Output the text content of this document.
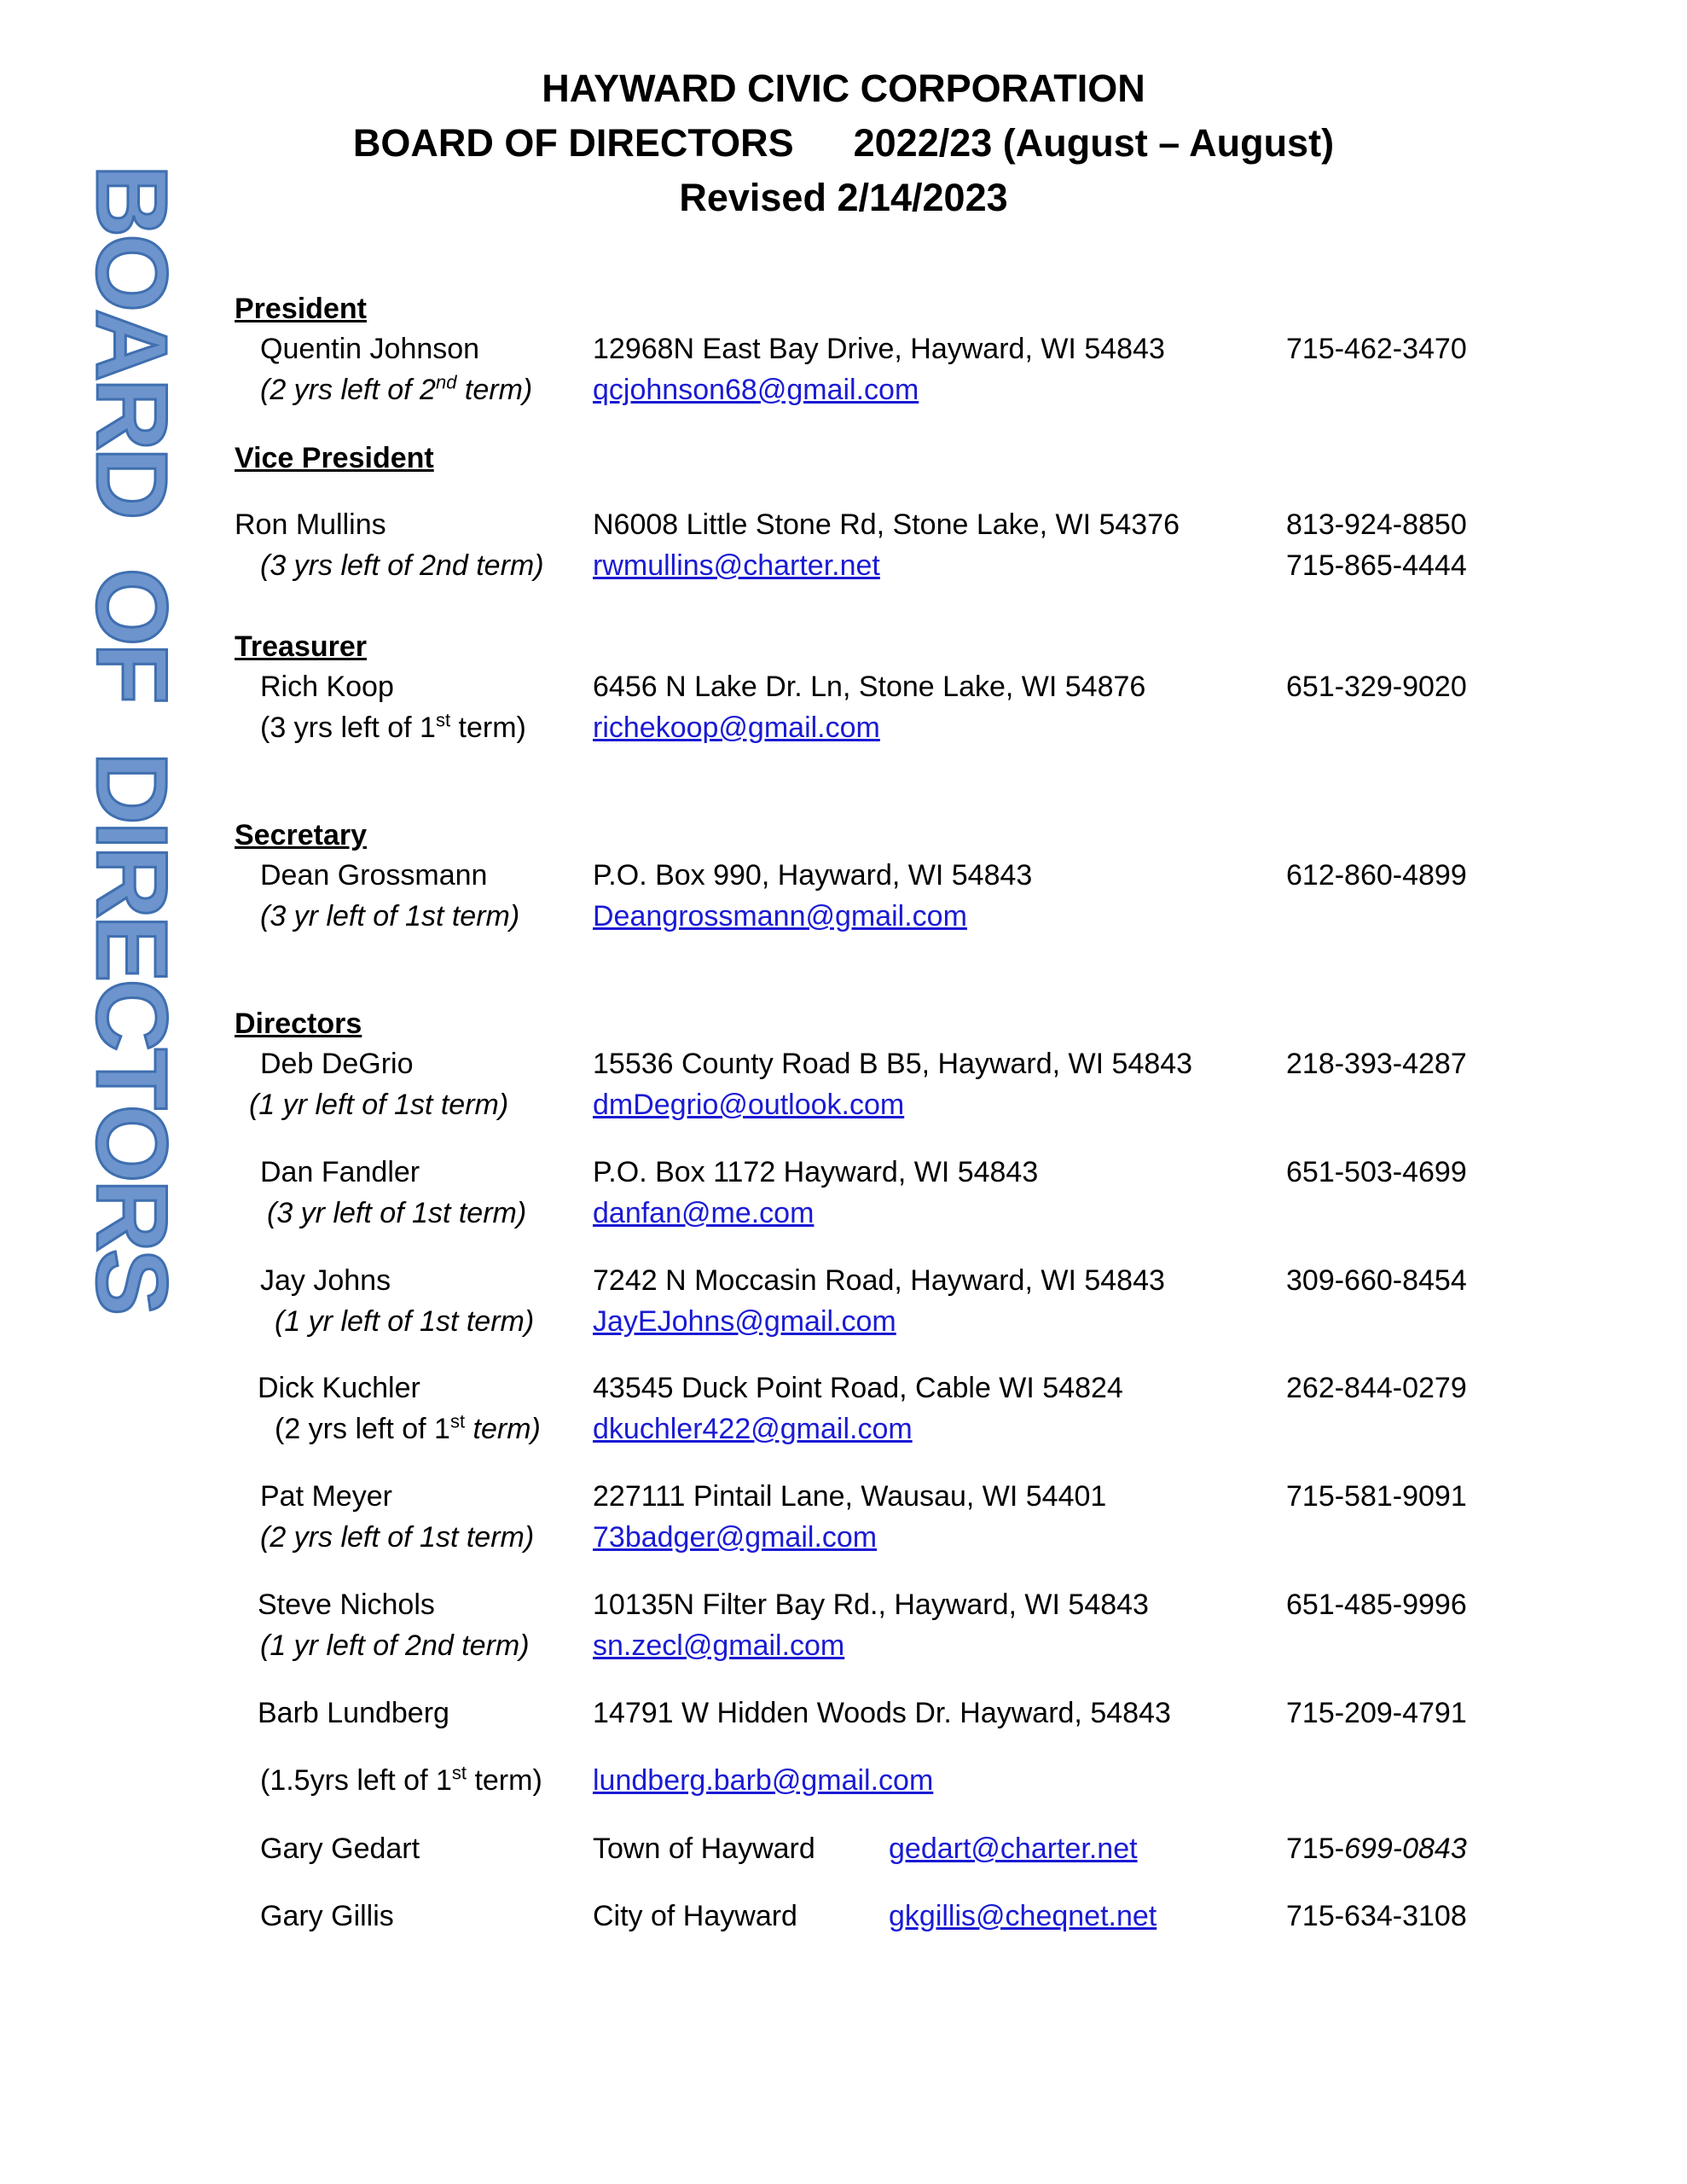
HAYWARD CIVIC CORPORATION
BOARD OF DIRECTORS 2022/23 (August – August)
Revised 2/14/2023
BOARDOFDIRECTORS
President
Quentin Johnson	12968N East Bay Drive, Hayward, WI 54843	715-462-3470
(2 yrs left of 2nd term) qcjohnson68@gmail.com
Vice President
Ron Mullins	N6008 Little Stone Rd, Stone Lake, WI 54376	813-924-8850
(3 yrs left of 2nd term) rwmullins@charter.net	715-865-4444
Treasurer
Rich Koop	6456 N Lake Dr. Ln, Stone Lake, WI 54876	651-329-9020
(3 yrs left of 1st term) richekoop@gmail.com
Secretary
Dean Grossmann	P.O. Box 990, Hayward, WI 54843	612-860-4899
(3 yr left of 1st term)	Deangrossmann@gmail.com
Directors
Deb DeGrio	15536 County Road B B5, Hayward, WI 54843	218-393-4287
(1 yr left of 1st term)	dmDegrio@outlook.com
Dan Fandler	P.O. Box 1172 Hayward, WI 54843	651-503-4699
(3 yr left of 1st term) danfan@me.com
Jay Johns	7242 N Moccasin Road, Hayward, WI 54843	309-660-8454
(1 yr left of 1st term) JayEJohns@gmail.com
Dick Kuchler	43545 Duck Point Road, Cable WI 54824	262-844-0279
(2 yrs left of 1st term) dkuchler422@gmail.com
Pat Meyer	227111 Pintail Lane, Wausau, WI 54401	715-581-9091
(2 yrs left of 1st term) 73badger@gmail.com
Steve Nichols	10135N Filter Bay Rd., Hayward, WI 54843	651-485-9996
(1 yr left of 2nd term) sn.zecl@gmail.com
Barb Lundberg	14791 W Hidden Woods Dr. Hayward, 54843	715-209-4791
(1.5yrs left of 1st term) lundberg.barb@gmail.com
Gary Gedart	Town of Hayward	gedart@charter.net	715-699-0843
Gary Gillis	City of Hayward	gkgillis@cheqnet.net	715-634-3108
